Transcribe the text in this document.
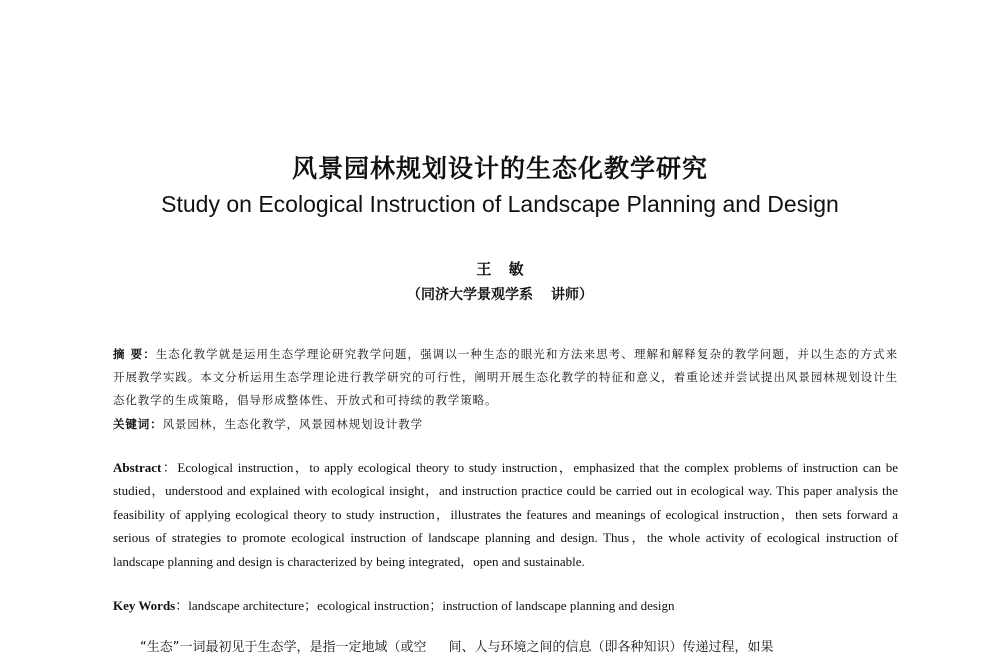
风景园林规划设计的生态化教学研究
Study on Ecological Instruction of Landscape Planning and Design
王 敏
（同济大学景观学系 讲师）
摘 要：生态化教学就是运用生态学理论研究教学问题，强调以一种生态的眼光和方法来思考、理解和解释复杂的教学问题，并以生态的方式来开展教学实践。本文分析运用生态学理论进行教学研究的可行性，阐明开展生态化教学的特征和意义，着重论述并尝试提出风景园林规划设计生态化教学的生成策略，倡导形成整体性、开放式和可持续的教学策略。
关键词：风景园林，生态化教学，风景园林规划设计教学
Abstract：Ecological instruction，to apply ecological theory to study instruction，emphasized that the complex problems of instruction can be studied，understood and explained with ecological insight，and instruction practice could be carried out in ecological way. This paper analysis the feasibility of applying ecological theory to study instruction，illustrates the features and meanings of ecological instruction，then sets forward a serious of strategies to promote ecological instruction of landscape planning and design. Thus，the whole activity of ecological instruction of landscape planning and design is characterized by being integrated，open and sustainable.
Key Words：landscape architecture；ecological instruction；instruction of landscape planning and design
“生态”一词最初见于生态学，是指一定地域（或空 间、人与环境之间的信息（即各种知识）传递过程，如果
